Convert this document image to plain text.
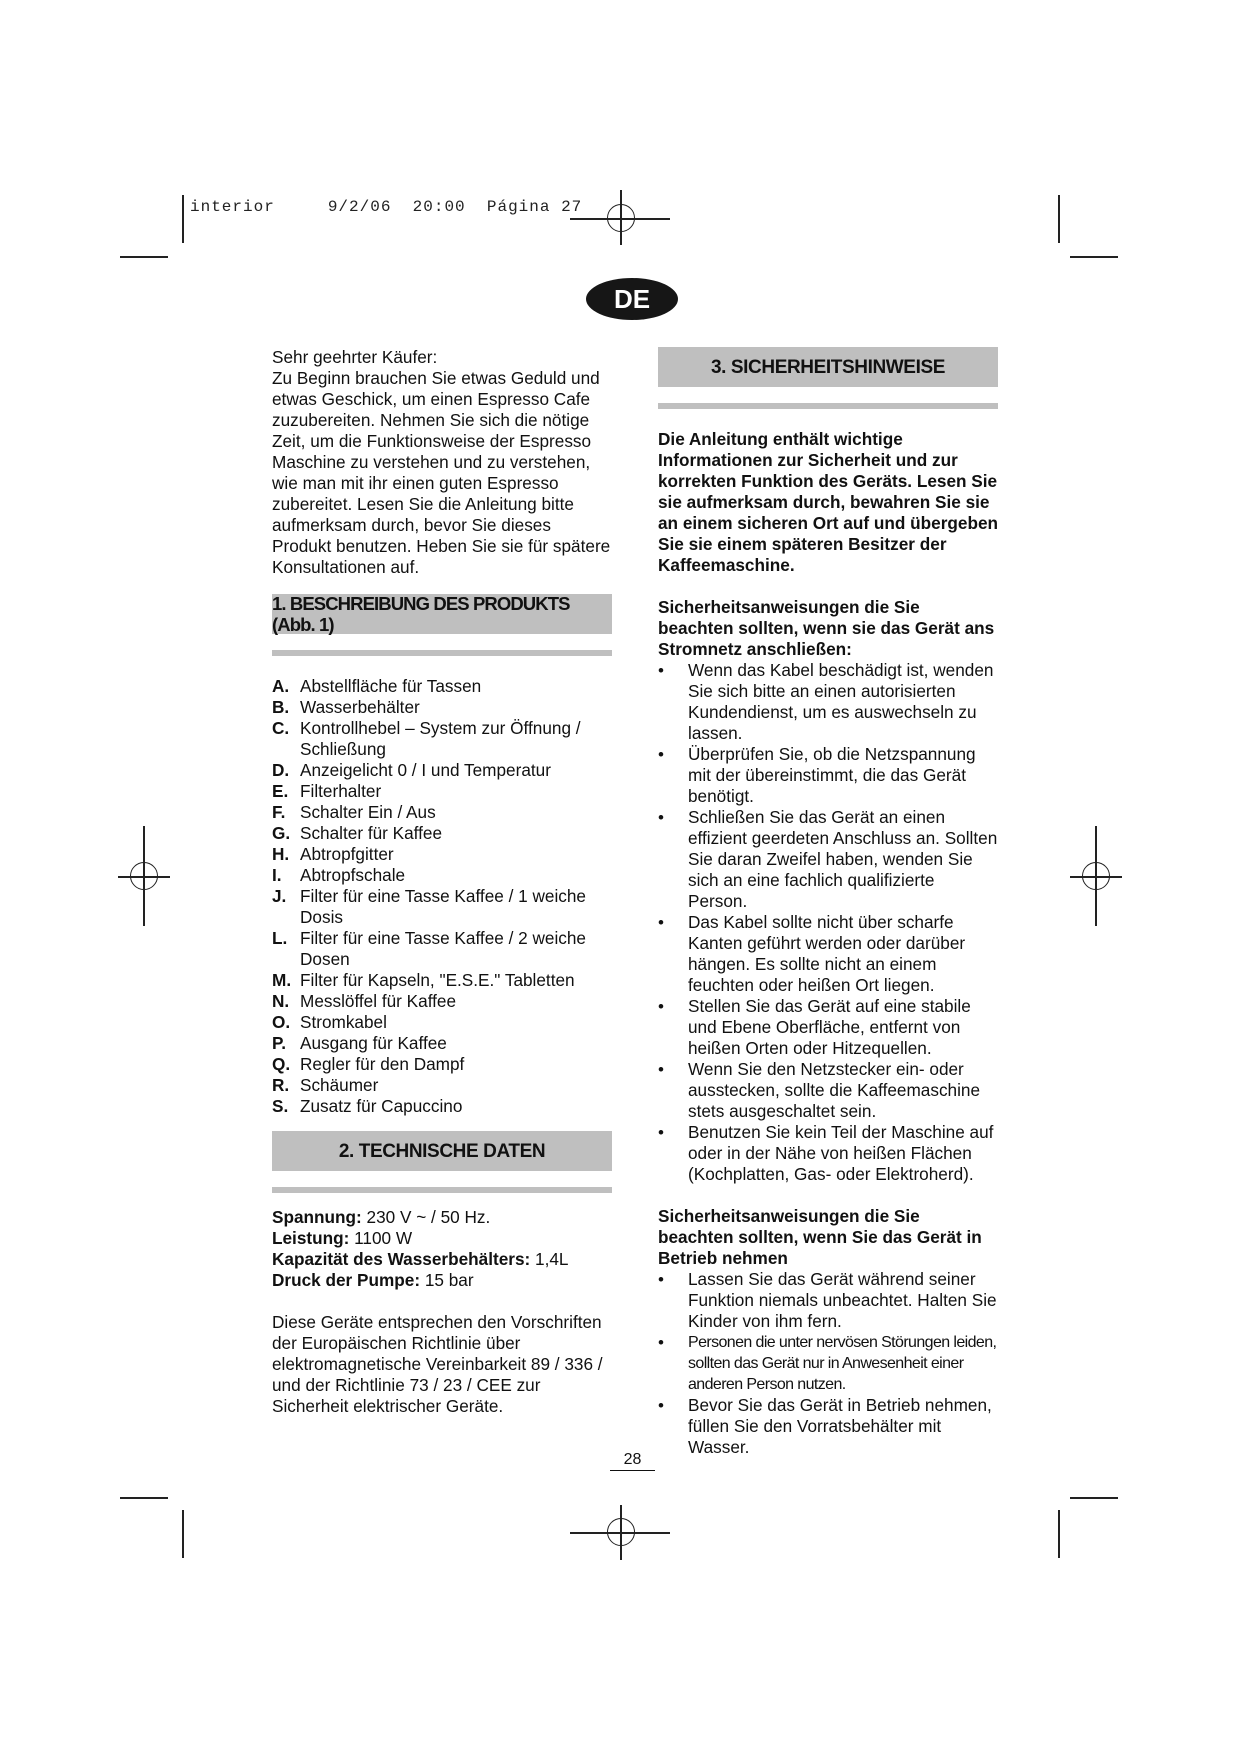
interior	9/2/06 20:00 Página 27
DE

Sehr geehrter Käufer:

Zu Beginn brauchen Sie etwas Geduld und etwas Geschick, um einen Espresso Cafe zuzubereiten. Nehmen Sie sich die nötige Zeit, um die Funktionsweise der Espresso Maschine zu verstehen und zu verstehen, wie man mit ihr einen guten Espresso zubereitet. Lesen Sie die Anleitung bitte aufmerksam durch, bevor Sie dieses Produkt benutzen. Heben Sie sie für spätere Konsultationen auf.

1. BESCHREIBUNG DES PRODUKTS (Abb. 1)
A. Abstellfläche für Tassen
B. Wasserbehälter
C. Kontrollhebel – System zur Öffnung / Schließung
D. Anzeigelicht 0 / I und Temperatur
E. Filterhalter
F. Schalter Ein / Aus
G. Schalter für Kaffee
H. Abtropfgitter
I.	Abtropfschale
J. Filter für eine Tasse Kaffee / 1 weiche Dosis
L. Filter für eine Tasse Kaffee / 2 weiche Dosen
M. Filter für Kapseln, "E.S.E." Tabletten
N. Messlöffel für Kaffee
O. Stromkabel
P. Ausgang für Kaffee
Q. Regler für den Dampf
R. Schäumer
S. Zusatz für Capuccino
2. TECHNISCHE DATEN

Spannung: 230 V ~ / 50 Hz.

Leistung: 1100 W

Kapazität des Wasserbehälters: 1,4L

Druck der Pumpe: 15 bar

Diese Geräte entsprechen den Vorschriften der Europäischen Richtlinie über elektromagnetische Vereinbarkeit 89 / 336 / und der Richtlinie 73 / 23 / CEE zur Sicherheit elektrischer Geräte.

3. SICHERHEITSHINWEISE

Die Anleitung enthält wichtige Informationen zur Sicherheit und zur korrekten Funktion des Geräts. Lesen Sie sie aufmerksam durch, bewahren Sie sie an einem sicheren Ort auf und übergeben Sie sie einem späteren Besitzer der Kaffeemaschine.

Sicherheitsanweisungen die Sie beachten sollten, wenn sie das Gerät ans Stromnetz anschließen:

•	Wenn das Kabel beschädigt ist, wenden Sie sich bitte an einen autorisierten Kundendienst, um es auswechseln zu lassen.
•	Überprüfen Sie, ob die Netzspannung mit der übereinstimmt, die das Gerät benötigt.
•	Schließen Sie das Gerät an einen effizient geerdeten Anschluss an. Sollten Sie daran Zweifel haben, wenden Sie sich an eine fachlich qualifizierte Person.
•	Das Kabel sollte nicht über scharfe Kanten geführt werden oder darüber hängen. Es sollte nicht an einem feuchten oder heißen Ort liegen.
•	Stellen Sie das Gerät auf eine stabile und Ebene Oberfläche, entfernt von heißen Orten oder Hitzequellen.
•	Wenn Sie den Netzstecker ein- oder ausstecken, sollte die Kaffeemaschine stets ausgeschaltet sein.
•	Benutzen Sie kein Teil der Maschine auf oder in der Nähe von heißen Flächen (Kochplatten, Gas- oder Elektroherd).

Sicherheitsanweisungen die Sie beachten sollten, wenn Sie das Gerät in Betrieb nehmen

•	Lassen Sie das Gerät während seiner Funktion niemals unbeachtet. Halten Sie Kinder von ihm fern.
•	Personen die unter nervösen Störungen leiden, sollten das Gerät nur in Anwesenheit einer anderen Person nutzen.
•	Bevor Sie das Gerät in Betrieb nehmen, füllen Sie den Vorratsbehälter mit Wasser.
28
